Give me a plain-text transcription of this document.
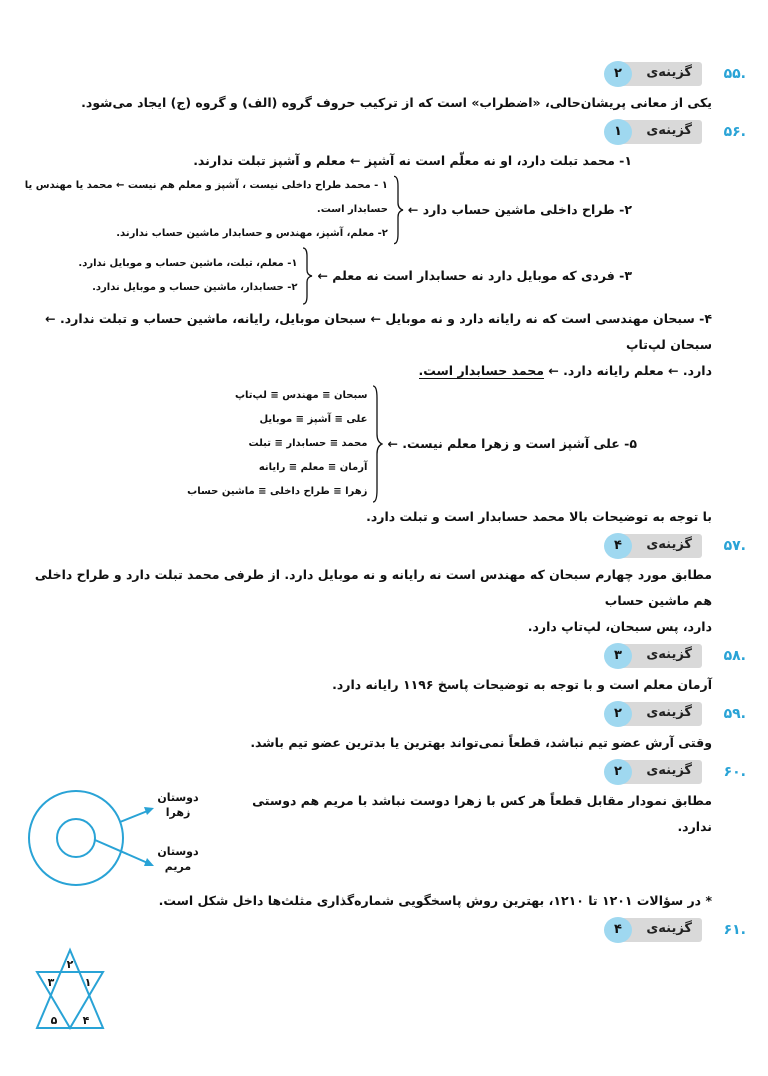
.۵۵
گزینه‌ی
۲
یکی از معانی پریشان‌حالی، «اضطراب» است که از ترکیب حروف گروه (الف) و گروه (ج) ایجاد می‌شود.
.۵۶
گزینه‌ی
۱
۱- محمد تبلت دارد، او نه معلّم است نه آشپز ← معلم و آشپز تبلت ندارند.
۲- طراح داخلی ماشین حساب دارد ←
۱ - محمد طراح داخلی نیست ، آشپز و معلم هم نیست ← محمد یا مهندس یا حسابدار است.
۲- معلم، آشپز، مهندس و حسابدار ماشین حساب ندارند.
۳- فردی که موبایل دارد نه حسابدار است نه معلم ←
۱- معلم، تبلت، ماشین حساب و موبایل ندارد.
۲- حسابدار، ماشین حساب و موبایل ندارد.
۴- سبحان مهندسی است که نه رایانه دارد و نه موبایل ← سبحان موبایل، رایانه، ماشین حساب و تبلت ندارد. ← سبحان لپ‌تاپ
دارد. ← معلم رایانه دارد. ← محمد حسابدار است.
۵- علی آشپز است و زهرا معلم نیست. ←
سبحان ≡ مهندس ≡ لپ‌تاپ
علی ≡ آشپز ≡ موبایل
محمد ≡ حسابدار ≡ تبلت
آرمان ≡ معلم ≡ رایانه
زهرا ≡ طراح داخلی ≡ ماشین حساب
با توجه به توضیحات بالا محمد حسابدار است و تبلت دارد.
.۵۷
گزینه‌ی
۴
مطابق مورد چهارم سبحان که مهندس است نه رایانه و نه موبایل دارد. از طرفی محمد تبلت دارد و طراح داخلی هم ماشین حساب
دارد، پس سبحان، لپ‌تاپ دارد.
.۵۸
گزینه‌ی
۳
آرمان معلم است و با توجه به توضیحات پاسخ ۱۱۹۶ رایانه دارد.
.۵۹
گزینه‌ی
۲
وقتی آرش عضو تیم نباشد، قطعاً نمی‌تواند بهترین یا بدترین عضو تیم باشد.
.۶۰
گزینه‌ی
۲
مطابق نمودار مقابل قطعاً هر کس با زهرا دوست نباشد با مریم هم دوستی ندارد.
دوستان
زهرا
دوستان
مریم
* در سؤالات ۱۲۰۱ تا ۱۲۱۰، بهترین روش پاسخگویی شماره‌گذاری مثلث‌ها داخل شکل است.
.۶۱
گزینه‌ی
۴
۱
۲
۳
۴
۵
